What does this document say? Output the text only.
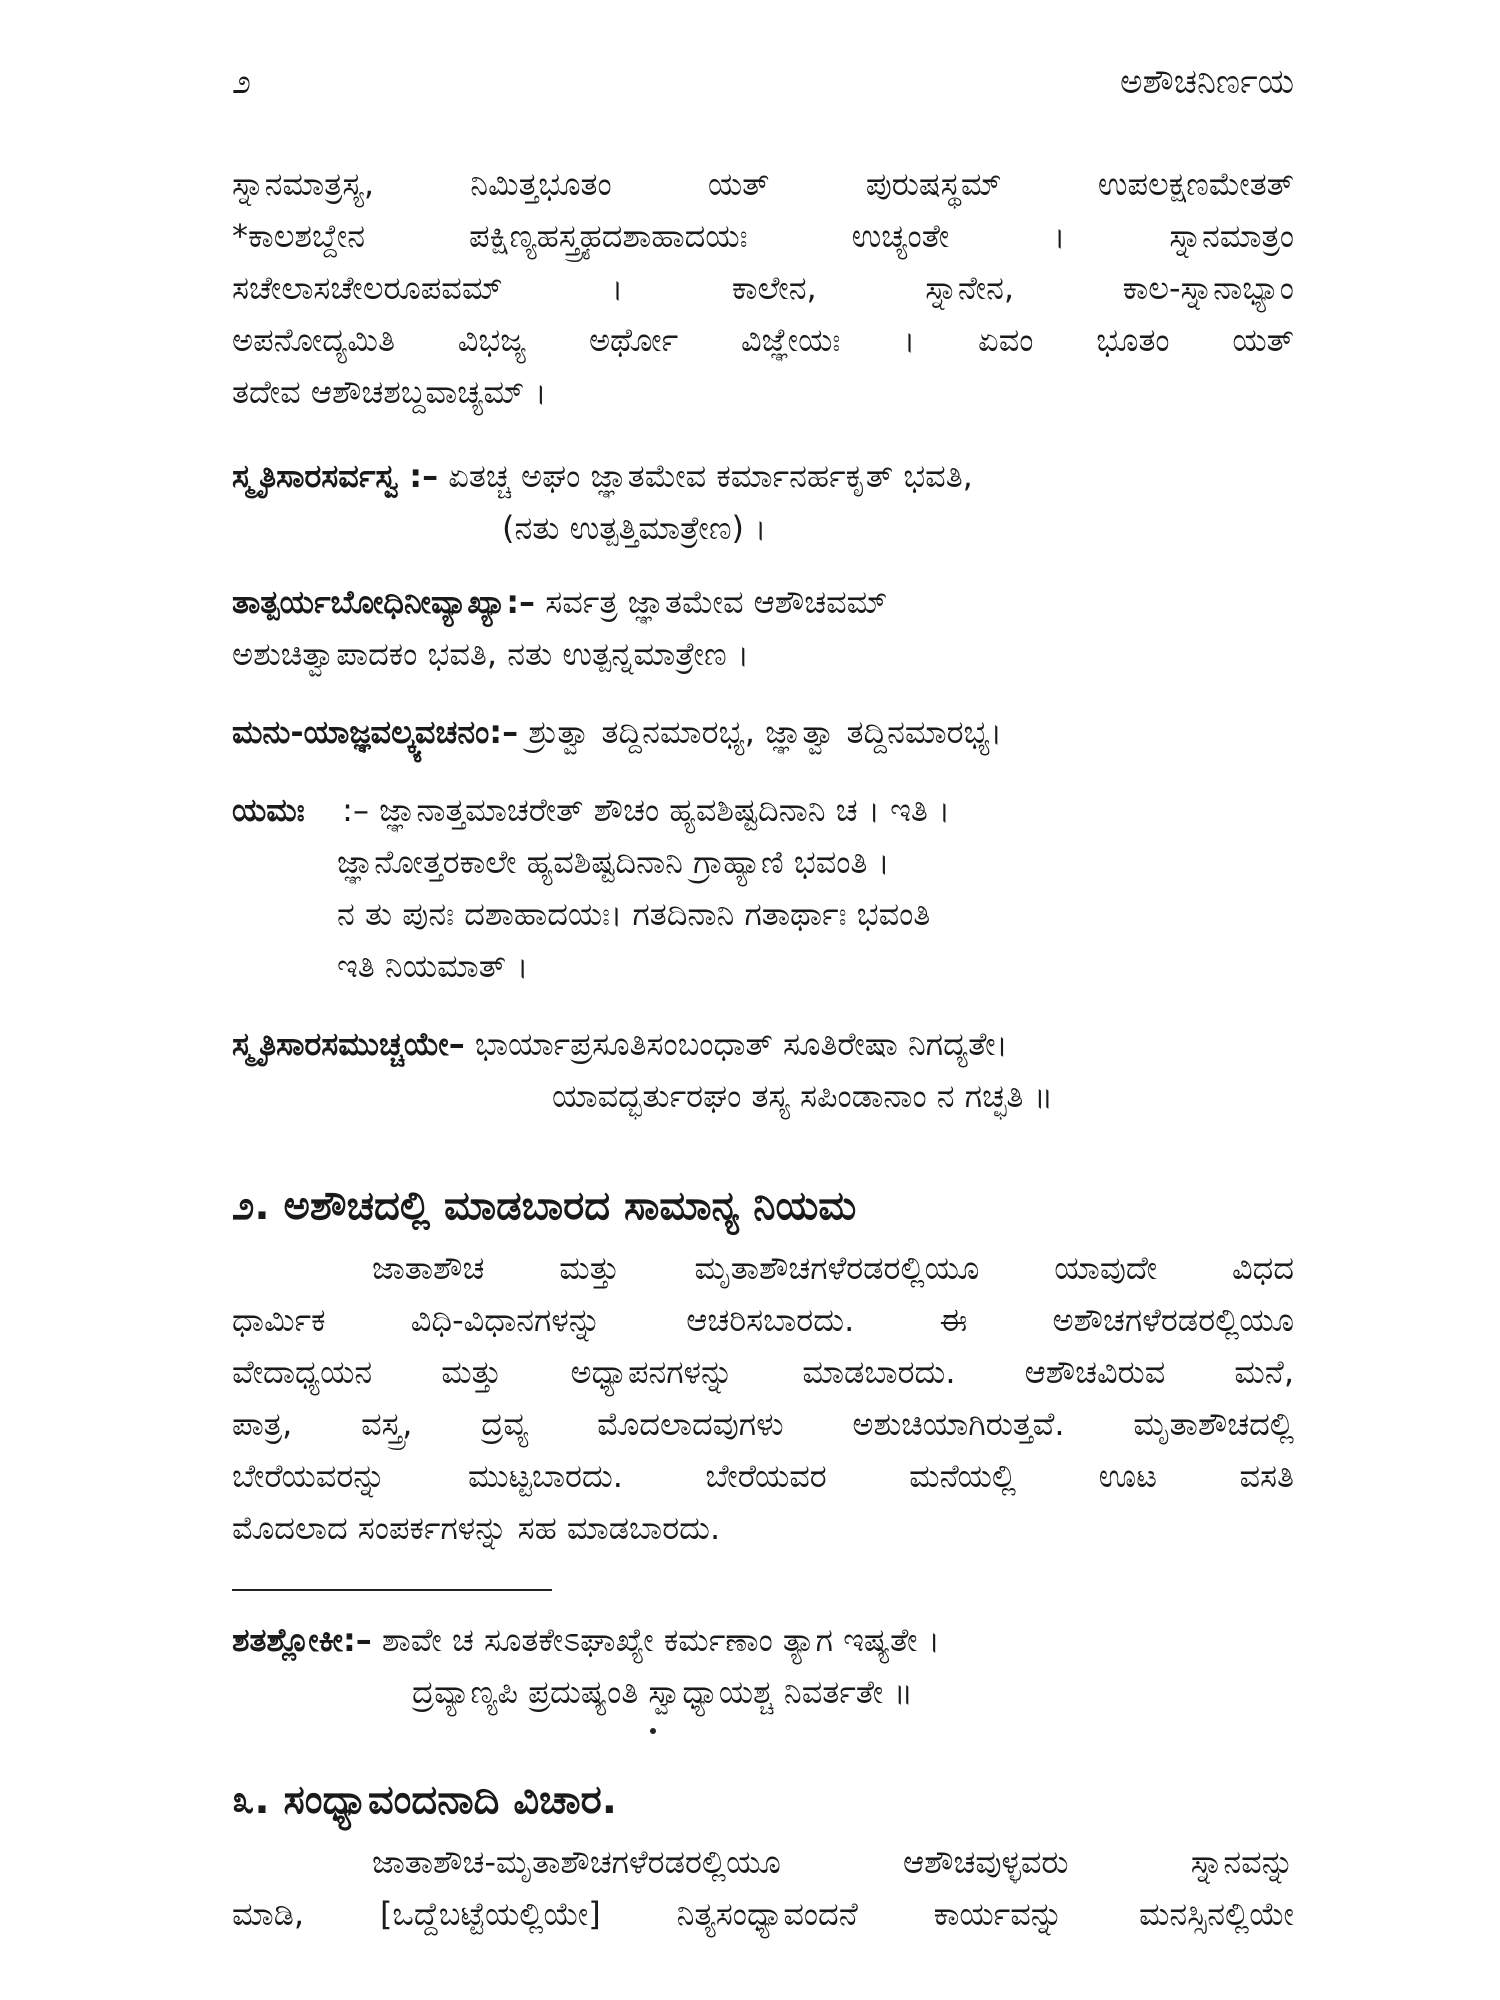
೨	ಅಶೌಚನಿರ್ಣಯ
ಸ್ನಾನಮಾತ್ರಸ್ಯ, ನಿಮಿತ್ತಭೂತಂ ಯತ್ ಪುರುಷಸ್ಥಮ್ ಉಪಲಕ್ಷಣಮೇತತ್
*ಕಾಲಶಬ್ದೇನ ಪಕ್ಷಿಣ್ಯಹಸ್ತ್ರ್ಯಹದಶಾಹಾದಯಃ ಉಚ್ಯಂತೇ । ಸ್ನಾನಮಾತ್ರಂ
ಸಚೇಲಾಸಚೇಲರೂಪವಮ್ । ಕಾಲೇನ, ಸ್ನಾನೇನ, ಕಾಲ-ಸ್ನಾನಾಭ್ಯಾಂ
ಅಪನೋದ್ಯಮಿತಿ ವಿಭಜ್ಯ ಅರ್ಥೋ ವಿಜ್ಞೇಯಃ । ಏವಂ ಭೂತಂ ಯತ್
ತದೇವ ಆಶೌಚಶಬ್ದವಾಚ್ಯಮ್ ।
ಸ್ಮೃತಿಸಾರಸರ್ವಸ್ವ :– ಏತಚ್ಚ ಅಘಂ ಜ್ಞಾತಮೇವ ಕರ್ಮಾನರ್ಹಕೃತ್ ಭವತಿ,
(ನತು ಉತ್ಪತ್ತಿಮಾತ್ರೇಣ) ।
ತಾತ್ಪರ್ಯಬೋಧಿನೀವ್ಯಾಖ್ಯಾ:– ಸರ್ವತ್ರ ಜ್ಞಾತಮೇವ ಆಶೌಚವಮ್
ಅಶುಚಿತ್ವಾಪಾದಕಂ ಭವತಿ, ನತು ಉತ್ಪನ್ನಮಾತ್ರೇಣ ।
ಮನು-ಯಾಜ್ಞವಲ್ಕ್ಯವಚನಂ:– ಶ್ರುತ್ವಾ ತದ್ದಿನಮಾರಭ್ಯ, ಜ್ಞಾತ್ವಾ ತದ್ದಿನಮಾರಭ್ಯ।
ಯಮಃ :– ಜ್ಞಾನಾತ್ತಮಾಚರೇತ್ ಶೌಚಂ ಹ್ಯವಶಿಷ್ಟದಿನಾನಿ ಚ । ಇತಿ ।
ಜ್ಞಾನೋತ್ತರಕಾಲೇ ಹ್ಯವಶಿಷ್ಟದಿನಾನಿ ಗ್ರಾಹ್ಯಾಣಿ ಭವಂತಿ ।
ನ ತು ಪುನಃ ದಶಾಹಾದಯಃ। ಗತದಿನಾನಿ ಗತಾರ್ಥಾಃ ಭವಂತಿ
ಇತಿ ನಿಯಮಾತ್ ।
ಸ್ಮೃತಿಸಾರಸಮುಚ್ಚಯೇ– ಭಾರ್ಯಾಪ್ರಸೂತಿಸಂಬಂಧಾತ್ ಸೂತಿರೇಷಾ ನಿಗದ್ಯತೇ।
ಯಾವದ್ಭರ್ತುರಘಂ ತಸ್ಯ ಸಪಿಂಡಾನಾಂ ನ ಗಚ್ಛತಿ ॥
೨. ಅಶೌಚದಲ್ಲಿ ಮಾಡಬಾರದ ಸಾಮಾನ್ಯ ನಿಯಮ
ಜಾತಾಶೌಚ ಮತ್ತು ಮೃತಾಶೌಚಗಳೆರಡರಲ್ಲಿಯೂ ಯಾವುದೇ ವಿಧದ
ಧಾರ್ಮಿಕ ವಿಧಿ-ವಿಧಾನಗಳನ್ನು ಆಚರಿಸಬಾರದು. ಈ ಅಶೌಚಗಳೆರಡರಲ್ಲಿಯೂ
ವೇದಾಧ್ಯಯನ ಮತ್ತು ಅಧ್ಯಾಪನಗಳನ್ನು ಮಾಡಬಾರದು. ಆಶೌಚವಿರುವ ಮನೆ,
ಪಾತ್ರ, ವಸ್ತ್ರ, ದ್ರವ್ಯ ಮೊದಲಾದವುಗಳು ಅಶುಚಿಯಾಗಿರುತ್ತವೆ. ಮೃತಾಶೌಚದಲ್ಲಿ
ಬೇರೆಯವರನ್ನು ಮುಟ್ಟಬಾರದು. ಬೇರೆಯವರ ಮನೆಯಲ್ಲಿ ಊಟ ವಸತಿ
ಮೊದಲಾದ ಸಂಪರ್ಕಗಳನ್ನು ಸಹ ಮಾಡಬಾರದು.
ಶತಶ್ಲೋಕೀ:– ಶಾವೇ ಚ ಸೂತಕೇಽಘಾಖ್ಯೇ ಕರ್ಮಣಾಂ ತ್ಯಾಗ ಇಷ್ಯತೇ ।
ದ್ರವ್ಯಾಣ್ಯಪಿ ಪ್ರದುಷ್ಯಂತಿ ಸ್ವಾಧ್ಯಾಯಶ್ಚ ನಿವರ್ತತೇ ॥
೩. ಸಂಧ್ಯಾವಂದನಾದಿ ವಿಚಾರ.
ಜಾತಾಶೌಚ-ಮೃತಾಶೌಚಗಳೆರಡರಲ್ಲಿಯೂ ಆಶೌಚವುಳ್ಳವರು ಸ್ನಾನವನ್ನು
ಮಾಡಿ, [ಒದ್ದೆಬಟ್ಟೆಯಲ್ಲಿಯೇ] ನಿತ್ಯಸಂಧ್ಯಾವಂದನೆ ಕಾರ್ಯವನ್ನು ಮನಸ್ಸಿನಲ್ಲಿಯೇ
